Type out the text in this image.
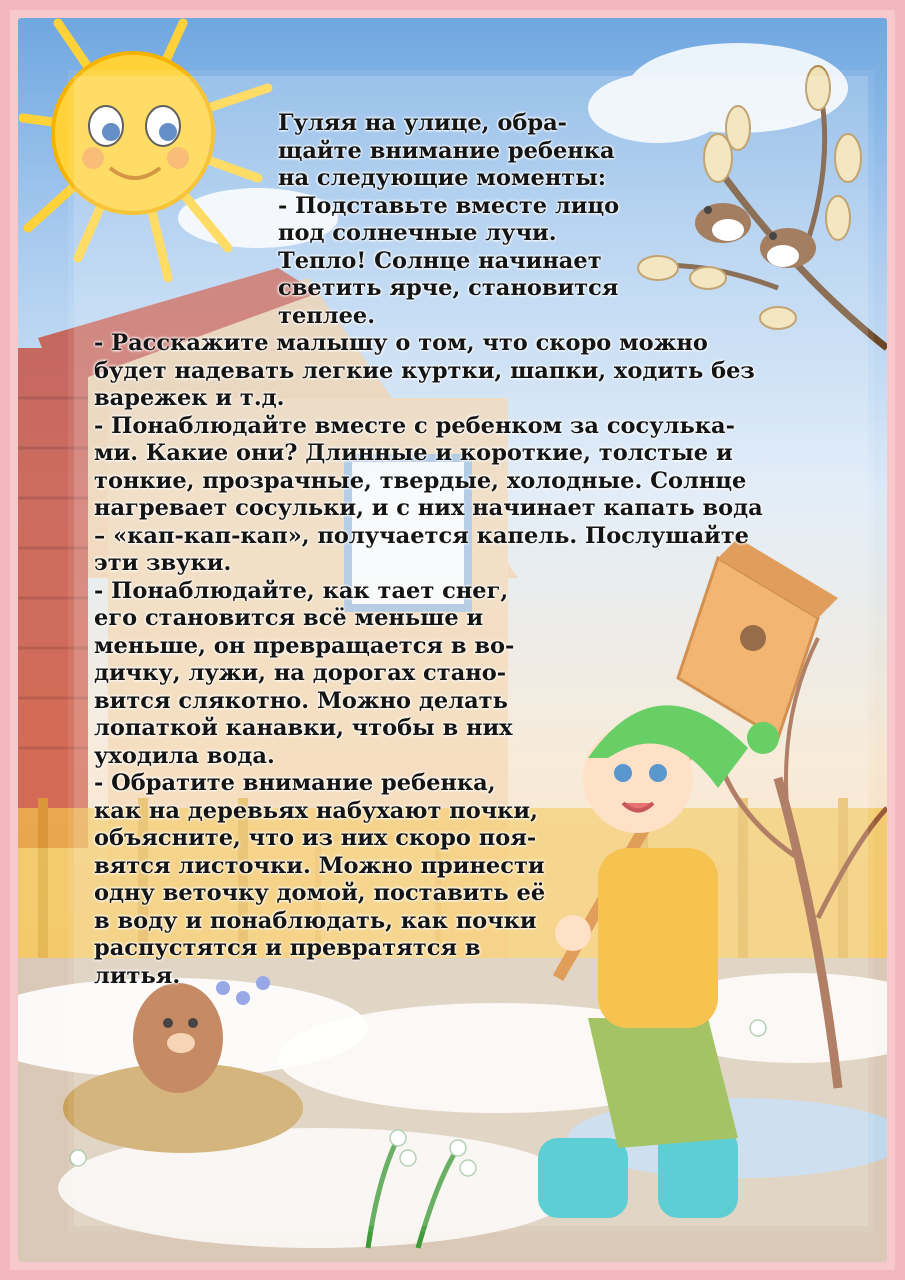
Гуляя на улице, обра-
щайте внимание ребенка
на следующие моменты:
- Подставьте вместе лицо
под солнечные лучи.
Тепло! Солнце начинает
светить ярче, становится
теплее.

- Расскажите малышу о том, что скоро можно
будет надевать легкие куртки, шапки, ходить без
варежек и т.д.

- Понаблюдайте вместе с ребенком за сосулька-
ми. Какие они? Длинные и короткие, толстые и
тонкие, прозрачные, твердые, холодные. Солнце
нагревает сосульки, и с них начинает капать вода
– «кап-кап-кап», получается капель. Послушайте
эти звуки.

- Понаблюдайте, как тает снег,
его становится всё меньше и
меньше, он превращается в во-
дичку, лужи, на дорогах стано-
вится слякотно. Можно делать
лопаткой канавки, чтобы в них
уходила вода.

- Обратите внимание ребенка,
как на деревьях набухают почки,
объясните, что из них скоро поя-
вятся листочки. Можно принести
одну веточку домой, поставить её
в воду и понаблюдать, как почки
распустятся и превратятся в
литья.
